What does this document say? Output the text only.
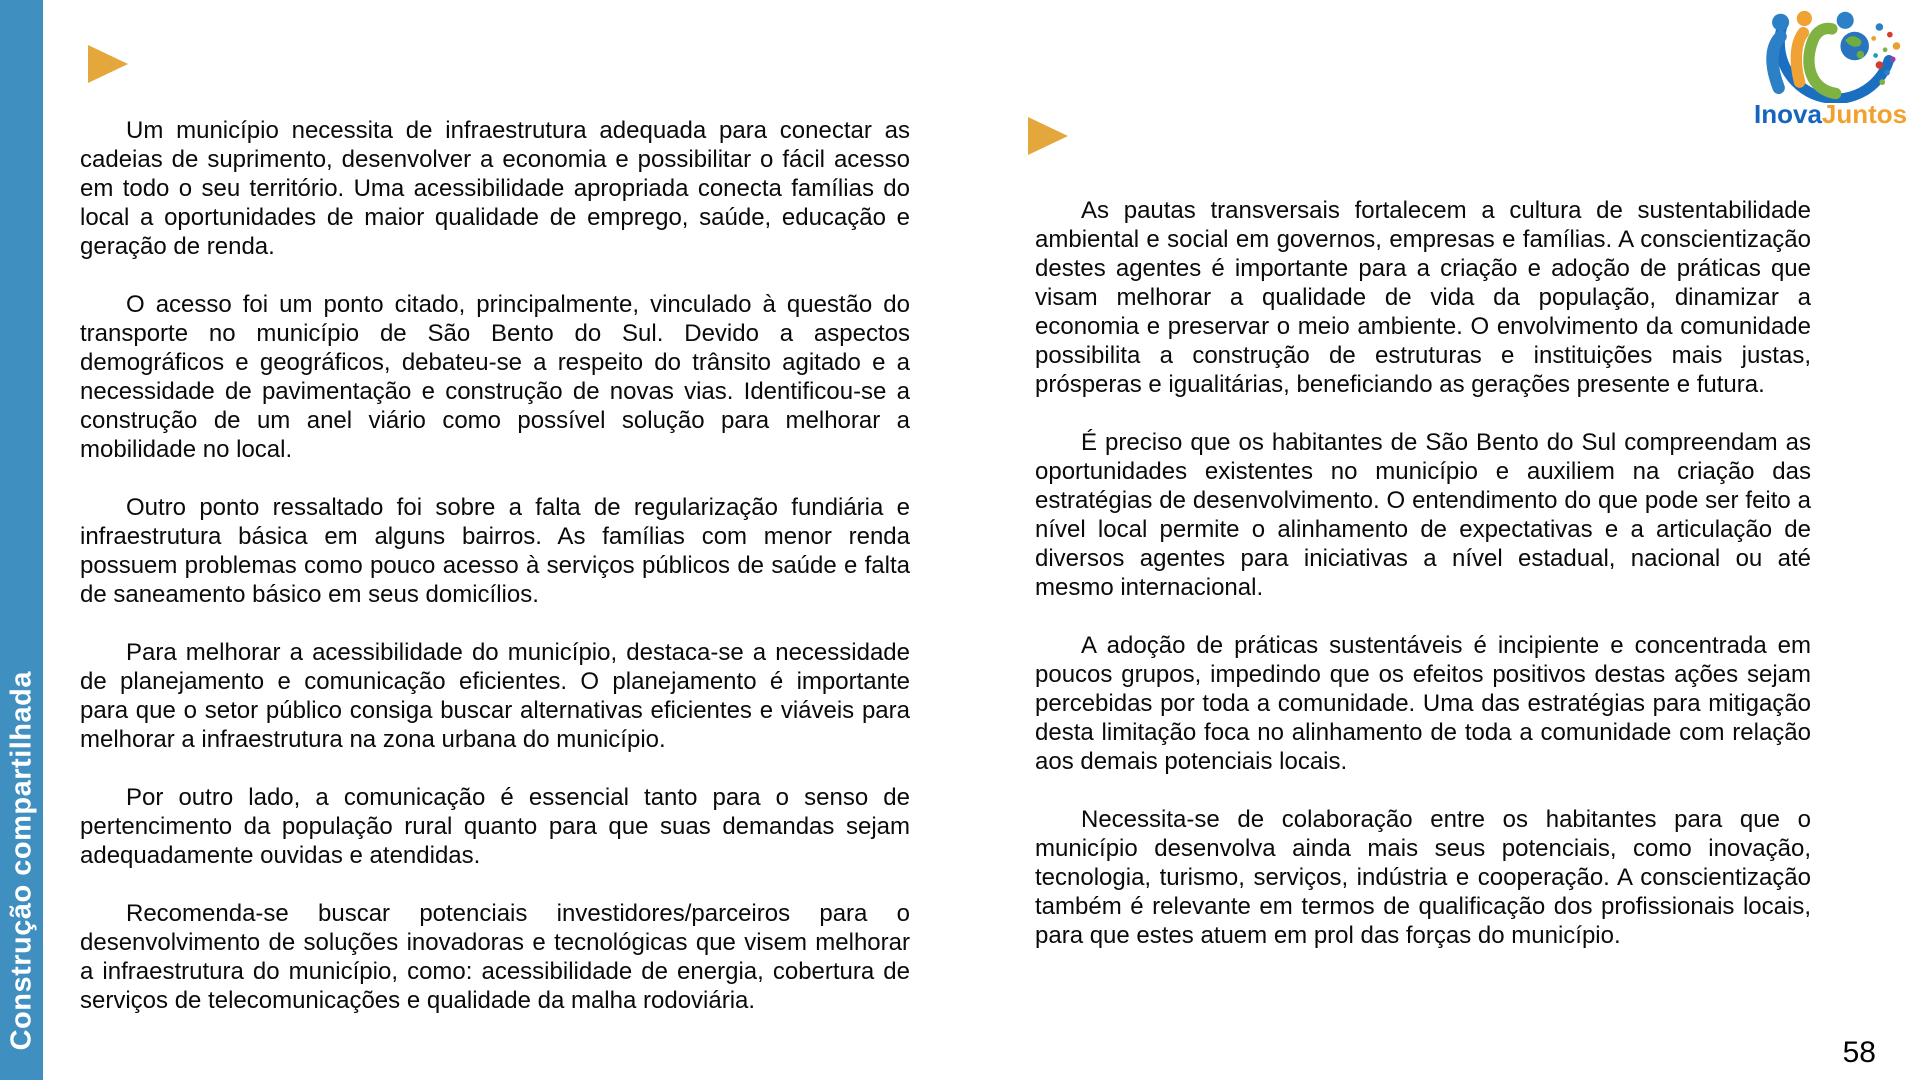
Construção compartilhada

Um município necessita de infraestrutura adequada para conectar as cadeias de suprimento, desenvolver a economia e possibilitar o fácil acesso em todo o seu território. Uma acessibilidade apropriada conecta famílias do local a oportunidades de maior qualidade de emprego, saúde, educação e geração de renda.

O acesso foi um ponto citado, principalmente, vinculado à questão do transporte no município de São Bento do Sul. Devido a aspectos demográficos e geográficos, debateu-se a respeito do trânsito agitado e a necessidade de pavimentação e construção de novas vias. Identificou-se a construção de um anel viário como possível solução para melhorar a mobilidade no local.

Outro ponto ressaltado foi sobre a falta de regularização fundiária e infraestrutura básica em alguns bairros. As famílias com menor renda possuem problemas como pouco acesso à serviços públicos de saúde e falta de saneamento básico em seus domicílios.

Para melhorar a acessibilidade do município, destaca-se a necessidade de planejamento e comunicação eficientes. O planejamento é importante para que o setor público consiga buscar alternativas eficientes e viáveis para melhorar a infraestrutura na zona urbana do município.

Por outro lado, a comunicação é essencial tanto para o senso de pertencimento da população rural quanto para que suas demandas sejam adequadamente ouvidas e atendidas.

Recomenda-se buscar potenciais investidores/parceiros para o desenvolvimento de soluções inovadoras e tecnológicas que visem melhorar a infraestrutura do município, como: acessibilidade de energia, cobertura de serviços de telecomunicações e qualidade da malha rodoviária.

As pautas transversais fortalecem a cultura de sustentabilidade ambiental e social em governos, empresas e famílias. A conscientização destes agentes é importante para a criação e adoção de práticas que visam melhorar a qualidade de vida da população, dinamizar a economia e preservar o meio ambiente. O envolvimento da comunidade possibilita a construção de estruturas e instituições mais justas, prósperas e igualitárias, beneficiando as gerações presente e futura.

É preciso que os habitantes de São Bento do Sul compreendam as oportunidades existentes no município e auxiliem na criação das estratégias de desenvolvimento. O entendimento do que pode ser feito a nível local permite o alinhamento de expectativas e a articulação de diversos agentes para iniciativas a nível estadual, nacional ou até mesmo internacional.

A adoção de práticas sustentáveis é incipiente e concentrada em poucos grupos, impedindo que os efeitos positivos destas ações sejam percebidas por toda a comunidade. Uma das estratégias para mitigação desta limitação foca no alinhamento de toda a comunidade com relação aos demais potenciais locais.

Necessita-se de colaboração entre os habitantes para que o município desenvolva ainda mais seus potenciais, como inovação, tecnologia, turismo, serviços, indústria e cooperação. A conscientização também é relevante em termos de qualificação dos profissionais locais, para que estes atuem em prol das forças do município.

InovaJuntos
58
